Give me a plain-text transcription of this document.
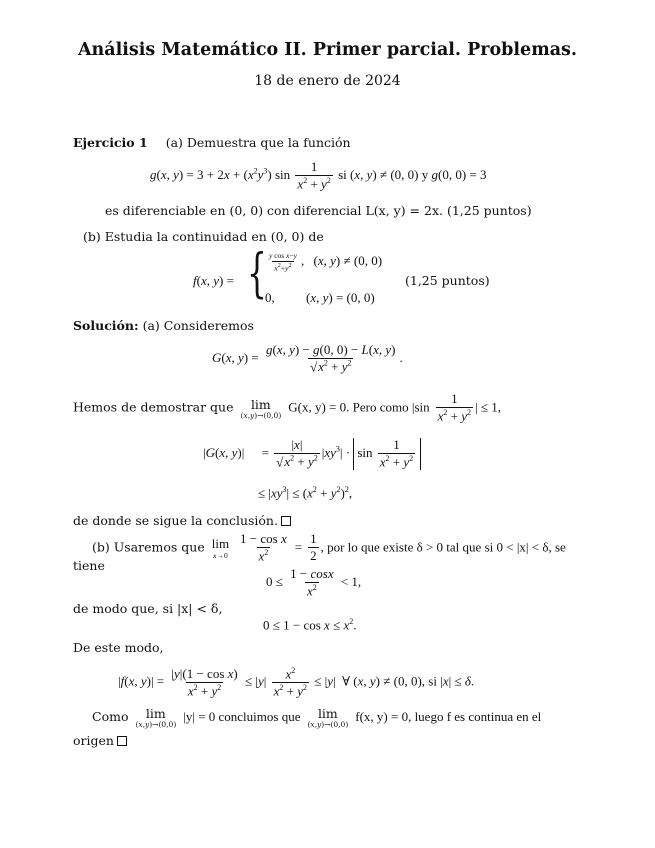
Análisis Matemático II. Primer parcial. Problemas.
18 de enero de 2024
Ejercicio 1 (a) Demuestra que la función
g(x, $y) = 3 + 2x + (x^2y^3)$ $\sin \frac{1}{x^2 + y^2}$ si (x, y) ≠ (0, 0) y g(0, 0) = 3
es diferenciable en (0, 0) con diferencial L(x, y) = 2x. (1,25 puntos)
(b) Estudia la continuidad en (0, 0) de
f(x, y) = { $\frac{\text{y cos x−y}}{x^2+y^2}$ , (x, y) ≠ (0, 0)
0, (x, y) = (0, 0)
(1,25 puntos)
Solución: (a) Consideremos
G(x, $y) = \frac{g(x, y) - g(0, 0) - L(x, y)}{√x^2 + y^2}$ .
Hemos de demostrar que lim
(x,y)→(0,0)
G(x, y) = 0. Pero como $|\sin \frac{1}{x^2 + y^2}$ | ≤ 1,
|G(x, $y)| = \frac{|x|}{√x^2 + y^2} |xy^3| \cdot \sin \frac{1}{x^2 + y^2}$
≤ $|xy^3| \le (x^2 + y^2)^2$,
de donde se sigue la conclusión.
(b) Usaremos que lim
x→0
$\frac{\text{1 − cos x}}{x^2} = \frac{1}{2}$ , por lo que existe δ > 0 tal que si 0 < |x| < δ, se
tiene
$0 \le \frac{1 - \cos x}{x^2} < 1$,
de modo que, si |x| < δ,
$0 \le 1 - \cos x \le x^2$.
De este modo,
|f(x, $y)| = \frac{\text{|y|(1 − cos x)}}{x^2 + y^2} \le |y| \frac{x^2}{x^2 + y^2} \le |y|$  ∀ (x, y) ≠ (0, 0), si |x| ≤ δ.
Como lim
(x,y)→(0,0)
|y| = 0 concluimos que lim
(x,y)→(0,0)
f(x, y) = 0, luego f es continua en el
origen
